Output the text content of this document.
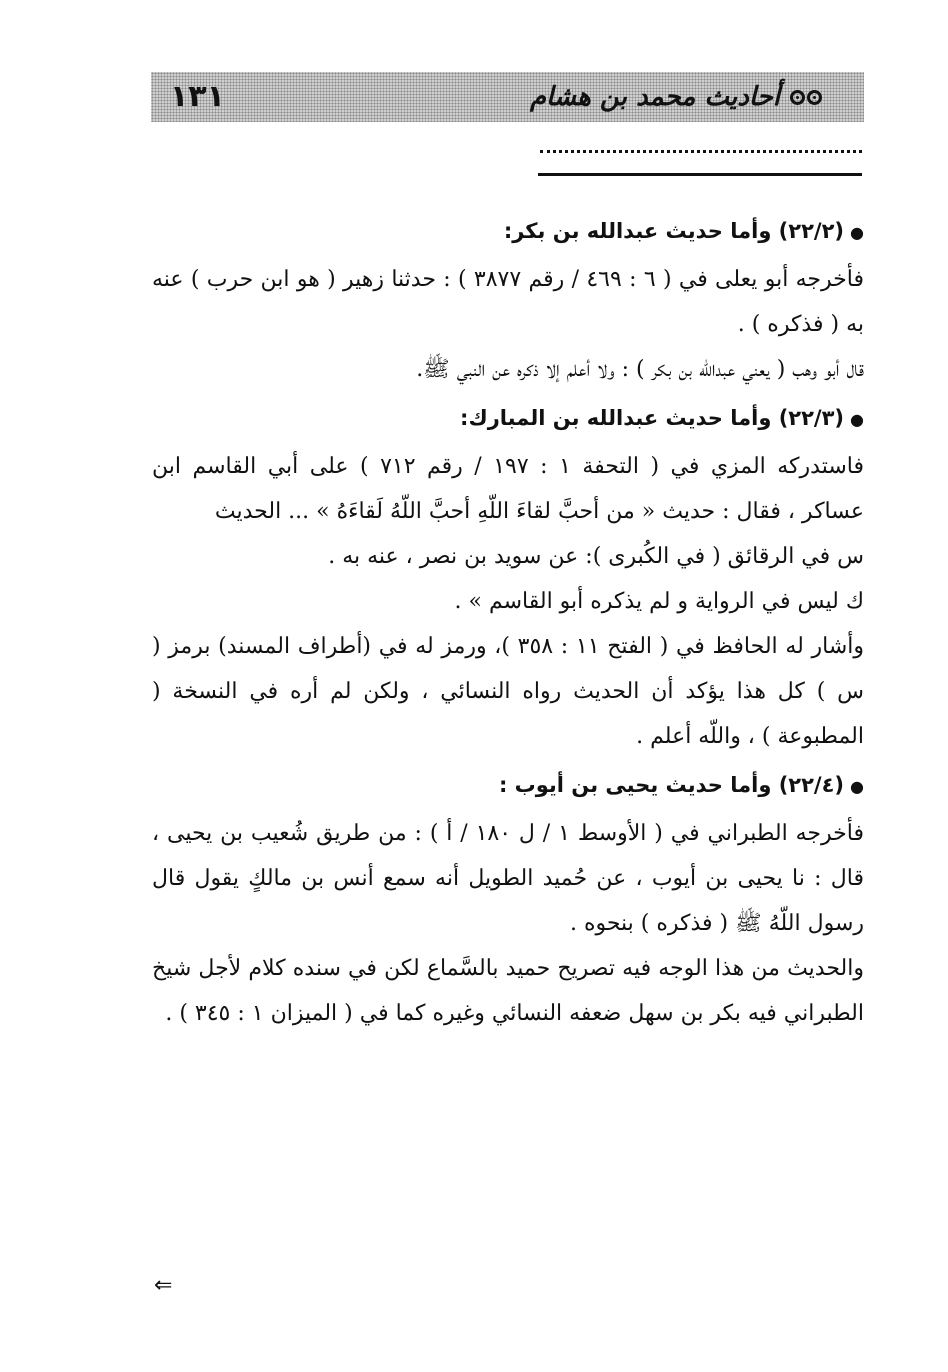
١٣١	أحاديث محمد بن هشام

●(٢٢/٢) وأما حديث عبدالله بن بكر:

فأخرجه أبو يعلى في ( ٦ : ٤٦٩ / رقم ٣٨٧٧ ) : حدثنا زهير ( هو ابن حرب ) عنه به ( فذكره ) .

قال أبو وهب ( يعني عبدالله بن بكر ) : ولا أعلم إلا ذكره عن النبي ﷺ.

●(٢٢/٣) وأما حديث عبدالله بن المبارك:

فاستدركه المزي في ( التحفة ١ : ١٩٧ / رقم ٧١٢ ) على أبي القاسم ابن عساكر ، فقال : حديث « من أحبَّ لقاءَ اللّهِ أحبَّ اللّهُ لَقاءَهُ » ... الحديث

س في الرقائق ( في الكُبرى ): عن سويد بن نصر ، عنه به .

ك ليس في الرواية و لم يذكره أبو القاسم » .

وأشار له الحافظ في ( الفتح ١١ : ٣٥٨ )، ورمز له في (أطراف المسند) برمز ( س ) كل هذا يؤكد أن الحديث رواه النسائي ، ولكن لم أره في النسخة ( المطبوعة ) ، واللّه أعلم .

●(٢٢/٤) وأما حديث يحيى بن أيوب :

فأخرجه الطبراني في ( الأوسط ١ / ل ١٨٠ / أ ) : من طريق شُعيب بن يحيى ، قال : نا يحيى بن أيوب ، عن حُميد الطويل أنه سمع أنس بن مالكٍ يقول قال رسول اللّهُ ﷺ ( فذكره ) بنحوه .

والحديث من هذا الوجه فيه تصريح حميد بالسَّماع لكن في سنده كلام لأجل شيخ الطبراني فيه بكر بن سهل ضعفه النسائي وغيره كما في ( الميزان ١ : ٣٤٥ ) .

⇐
